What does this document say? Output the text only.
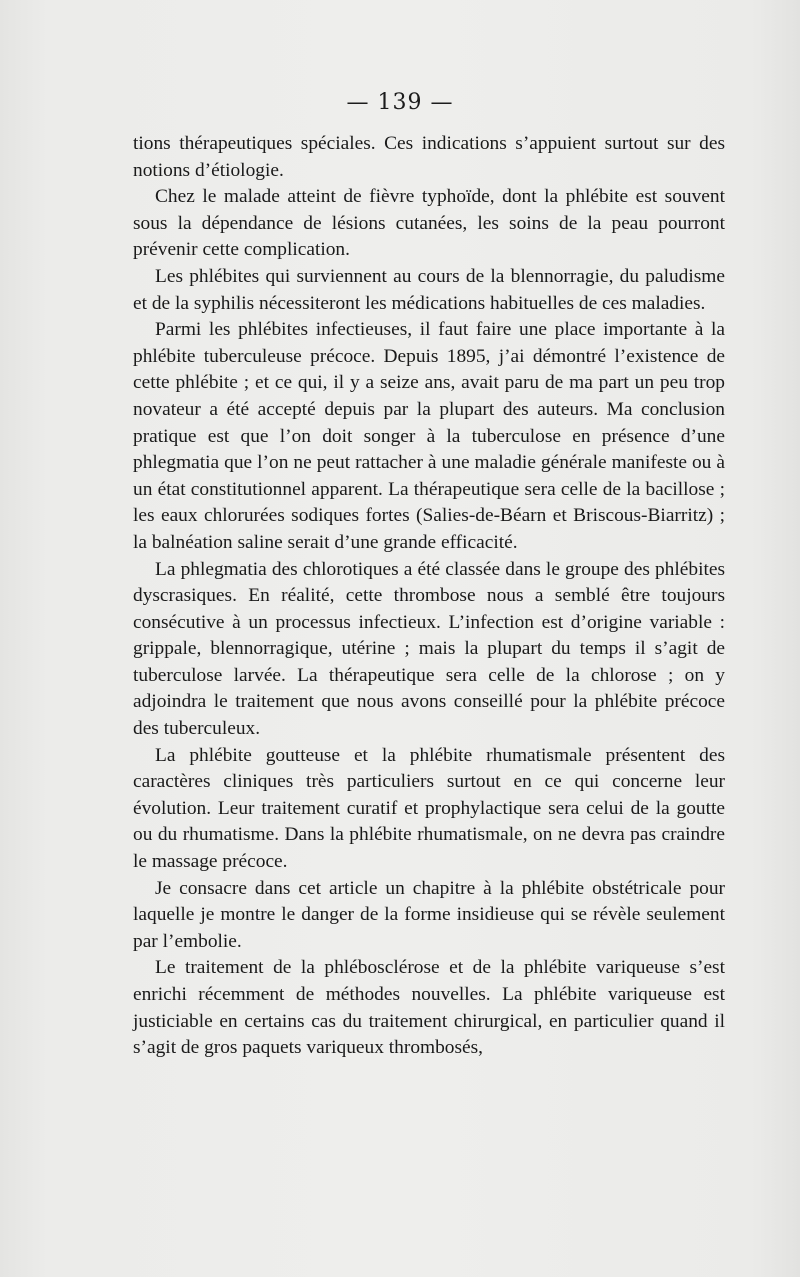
— 139 —

tions thérapeutiques spéciales. Ces indications s’appuient surtout sur des notions d’étiologie.

Chez le malade atteint de fièvre typhoïde, dont la phlébite est souvent sous la dépendance de lésions cutanées, les soins de la peau pourront prévenir cette complication.

Les phlébites qui surviennent au cours de la blennorragie, du paludisme et de la syphilis nécessiteront les médications habituelles de ces maladies.

Parmi les phlébites infectieuses, il faut faire une place importante à la phlébite tuberculeuse précoce. Depuis 1895, j’ai démontré l’existence de cette phlébite ; et ce qui, il y a seize ans, avait paru de ma part un peu trop novateur a été accepté depuis par la plupart des auteurs. Ma conclusion pratique est que l’on doit songer à la tuberculose en présence d’une phlegmatia que l’on ne peut rattacher à une maladie générale manifeste ou à un état constitutionnel apparent. La thérapeutique sera celle de la bacillose ; les eaux chlorurées sodiques fortes (Salies-de-Béarn et Briscous-Biarritz) ; la balnéation saline serait d’une grande efficacité.

La phlegmatia des chlorotiques a été classée dans le groupe des phlébites dyscrasiques. En réalité, cette thrombose nous a semblé être toujours consécutive à un processus infectieux. L’infection est d’origine variable : grippale, blennorragique, utérine ; mais la plupart du temps il s’agit de tuberculose larvée. La thérapeutique sera celle de la chlorose ; on y adjoindra le traitement que nous avons conseillé pour la phlébite précoce des tuberculeux.

La phlébite goutteuse et la phlébite rhumatismale présentent des caractères cliniques très particuliers surtout en ce qui concerne leur évolution. Leur traitement curatif et prophylactique sera celui de la goutte ou du rhumatisme. Dans la phlébite rhumatismale, on ne devra pas craindre le massage précoce.

Je consacre dans cet article un chapitre à la phlébite obstétricale pour laquelle je montre le danger de la forme insidieuse qui se révèle seulement par l’embolie.

Le traitement de la phlébosclérose et de la phlébite variqueuse s’est enrichi récemment de méthodes nouvelles. La phlébite variqueuse est justiciable en certains cas du traitement chirurgical, en particulier quand il s’agit de gros paquets variqueux thrombosés,
